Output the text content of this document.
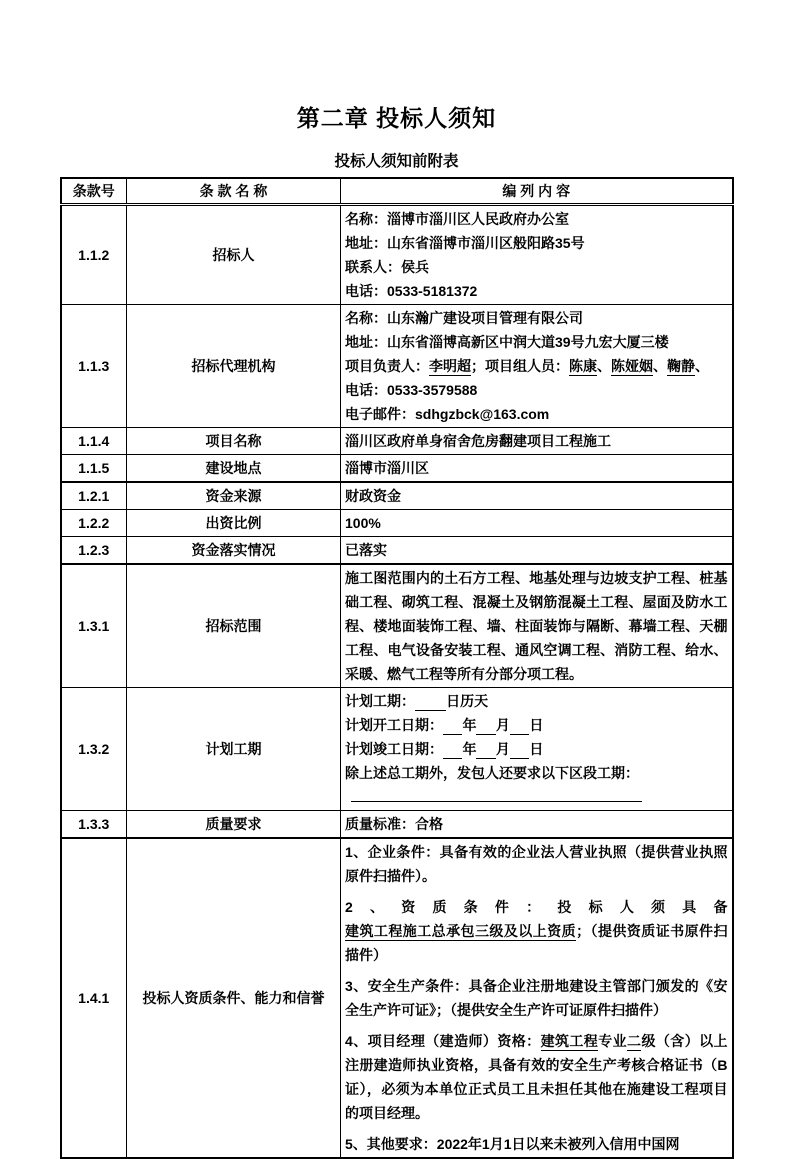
第二章 投标人须知
投标人须知前附表
条款号	条 款 名 称	编 列 内 容
1.1.2	招标人	名称：淄博市淄川区人民政府办公室

地址：山东省淄博市淄川区般阳路35号

联系人：侯兵

电话：0533-5181372

1.1.3	招标代理机构	名称：山东瀚广建设项目管理有限公司

地址：山东省淄博高新区中润大道39号九宏大厦三楼

项目负责人：李明超；项目组人员：陈康、陈娅姻、鞠静、

电话：0533-3579588

电子邮件：sdhgzbck@163.com

1.1.4	项目名称	淄川区政府单身宿舍危房翻建项目工程施工

1.1.5	建设地点	淄博市淄川区

1.2.1	资金来源	财政资金

1.2.2	出资比例	100%

1.2.3	资金落实情况	已落实

1.3.1	招标范围	施工图范围内的土石方工程、地基处理与边坡支护工程、桩基础工程、砌筑工程、混凝土及钢筋混凝土工程、屋面及防水工程、楼地面装饰工程、墙、柱面装饰与隔断、幕墙工程、天棚工程、电气设备安装工程、通风空调工程、消防工程、给水、采暖、燃气工程等所有分部分项工程。

1.3.2	计划工期	计划工期： 日历天

计划开工日期： 年 月 日

计划竣工日期： 年 月 日

除上述总工期外，发包人还要求以下区段工期：

1.3.3	质量要求	质量标准：合格

1.4.1	投标人资质条件、能力和信誉	1、企业条件：具备有效的企业法人营业执照（提供营业执照原件扫描件）。

2、资质条件：投标人须具备建筑工程施工总承包三级及以上资质；（提供资质证书原件扫描件）

3、安全生产条件：具备企业注册地建设主管部门颁发的《安全生产许可证》；（提供安全生产许可证原件扫描件）

4、项目经理（建造师）资格：建筑工程专业二级（含）以上注册建造师执业资格，具备有效的安全生产考核合格证书（B证），必须为本单位正式员工且未担任其他在施建设工程项目的项目经理。

5、其他要求：2022年1月1日以来未被列入信用中国网
